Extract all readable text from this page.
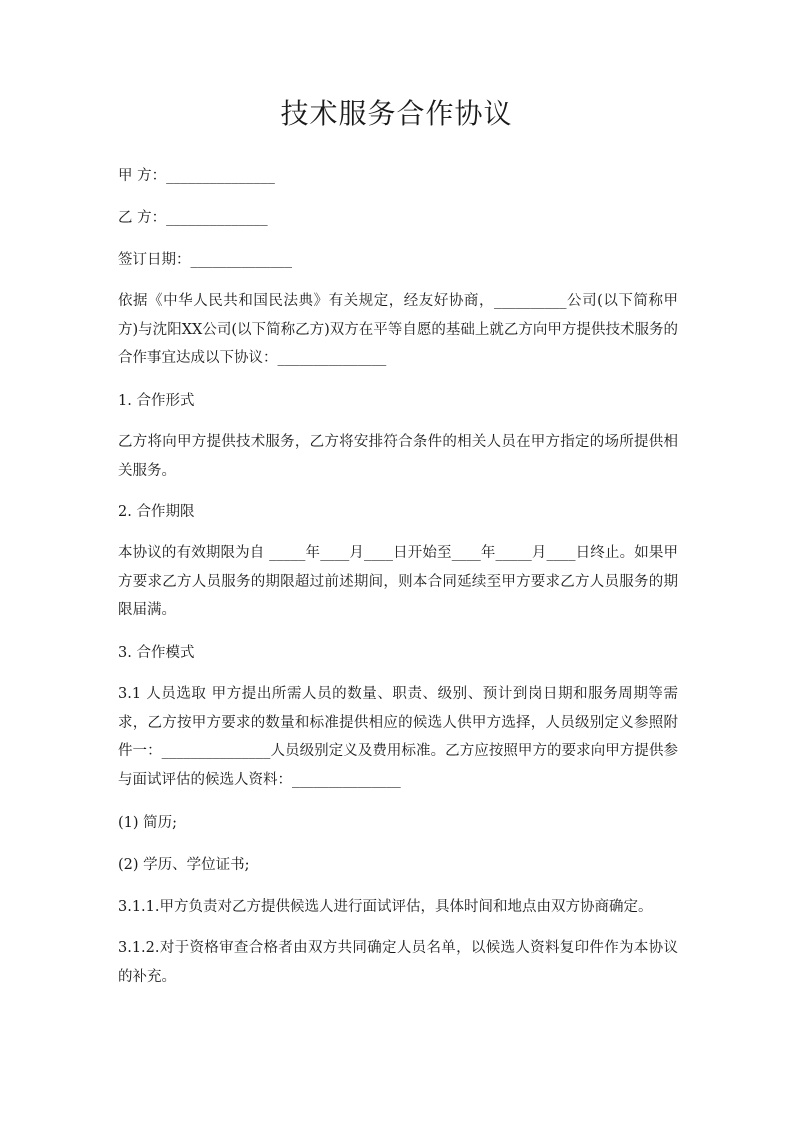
技术服务合作协议

甲 方：_______________

乙 方：______________

签订日期：______________

依据《中华人民共和国民法典》有关规定，经友好协商，__________公司(以下简称甲方)与沈阳XX公司(以下简称乙方)双方在平等自愿的基础上就乙方向甲方提供技术服务的合作事宜达成以下协议：_______________

1. 合作形式

乙方将向甲方提供技术服务，乙方将安排符合条件的相关人员在甲方指定的场所提供相关服务。

2. 合作期限

本协议的有效期限为自 _____年____月____日开始至____年_____月____日终止。如果甲方要求乙方人员服务的期限超过前述期间，则本合同延续至甲方要求乙方人员服务的期限届满。

3. 合作模式

3.1 人员选取 甲方提出所需人员的数量、职责、级别、预计到岗日期和服务周期等需求，乙方按甲方要求的数量和标准提供相应的候选人供甲方选择，人员级别定义参照附件一：_______________人员级别定义及费用标准。乙方应按照甲方的要求向甲方提供参与面试评估的候选人资料：_______________

(1) 简历;

(2) 学历、学位证书;

3.1.1.甲方负责对乙方提供候选人进行面试评估，具体时间和地点由双方协商确定。

3.1.2.对于资格审查合格者由双方共同确定人员名单，以候选人资料复印件作为本协议的补充。
